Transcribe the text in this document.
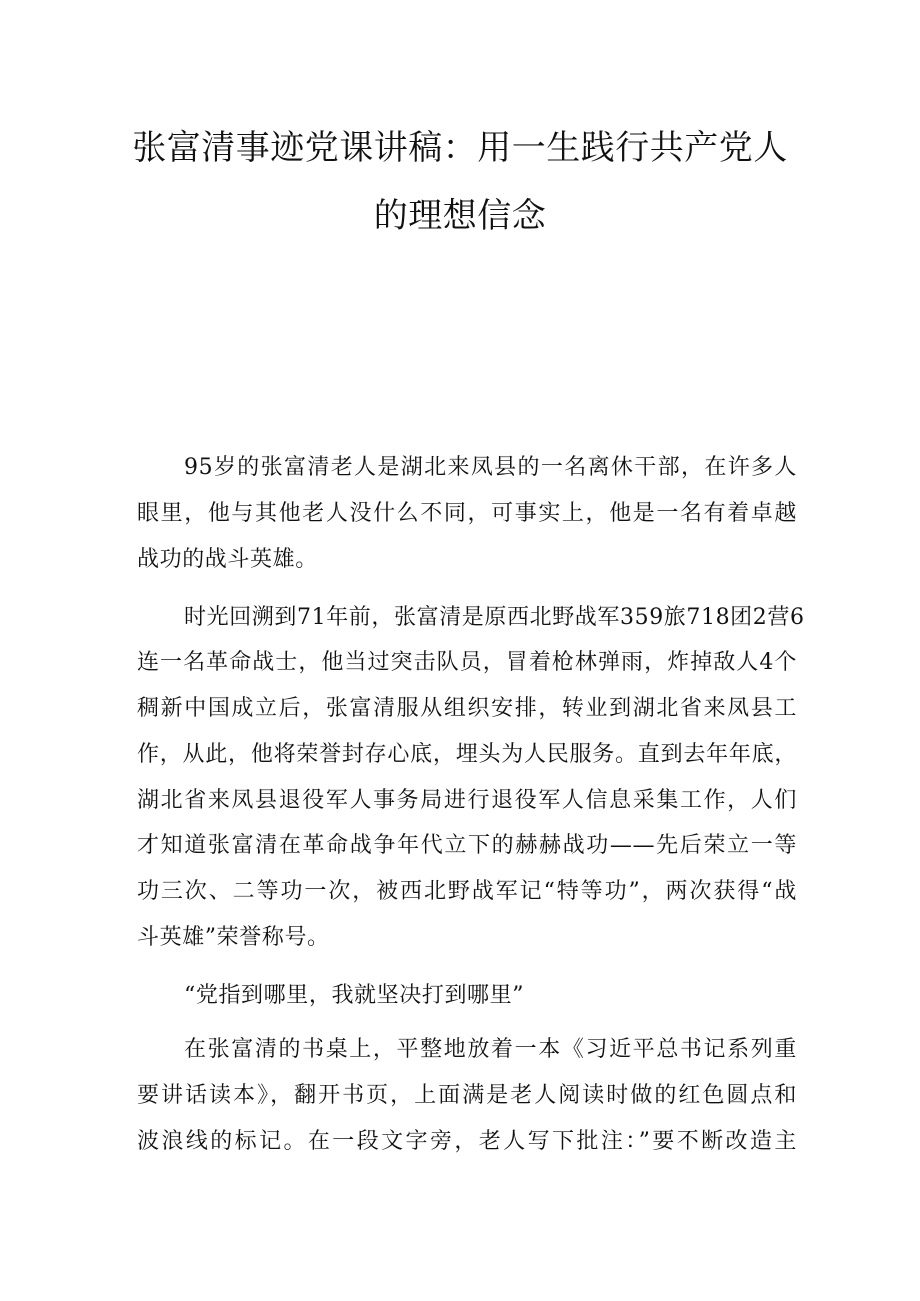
张富清事迹党课讲稿：用一生践行共产党人
的理想信念
95岁的张富清老人是湖北来凤县的一名离休干部，在许多人
眼里，他与其他老人没什么不同，可事实上，他是一名有着卓越
战功的战斗英雄。
时光回溯到71年前，张富清是原西北野战军359旅718团2营6
连一名革命战士，他当过突击队员，冒着枪林弹雨，炸掉敌人4个
稠新中国成立后，张富清服从组织安排，转业到湖北省来凤县工
作，从此，他将荣誉封存心底，埋头为人民服务。直到去年年底，
湖北省来凤县退役军人事务局进行退役军人信息采集工作，人们
才知道张富清在革命战争年代立下的赫赫战功——先后荣立一等
功三次、二等功一次，被西北野战军记“特等功”，两次获得“战
斗英雄”荣誉称号。
“党指到哪里，我就坚决打到哪里”
在张富清的书桌上，平整地放着一本《习近平总书记系列重
要讲话读本》，翻开书页，上面满是老人阅读时做的红色圆点和
波浪线的标记。在一段文字旁，老人写下批注：”要不断改造主
